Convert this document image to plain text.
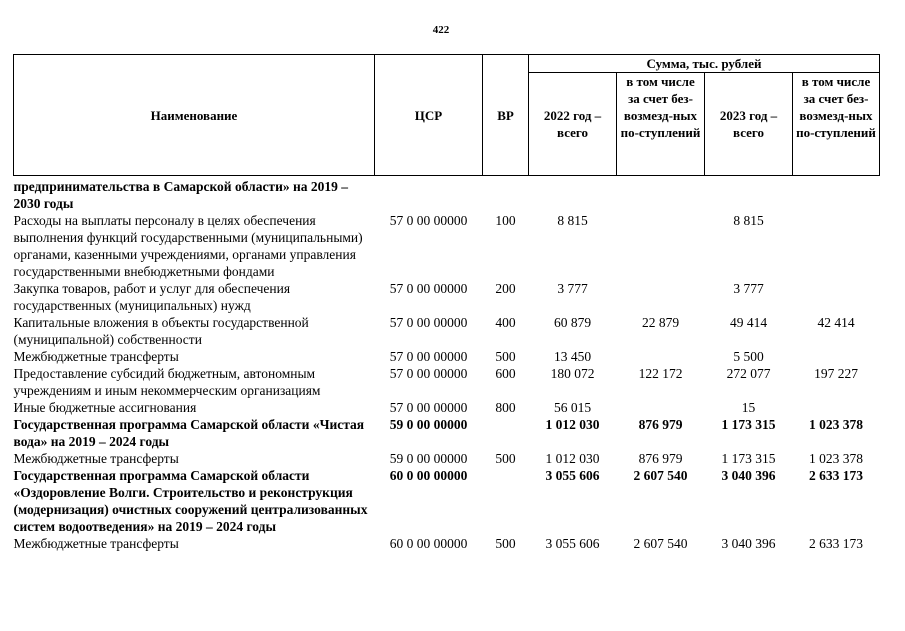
422
Наименование	ЦСР	ВР	Сумма, тыс. рублей			
			2022 год – всего	в том числе за счет без-возмезд-ных по-ступлений	2023 год – всего	в том числе за счет без-возмезд-ных по-ступлений
предпринимательства в Самарской области» на 2019 – 2030 годы						
Расходы на выплаты персоналу в целях обеспечения выполнения функций государственными (муниципальными) органами, казенными учреждениями, органами управления государственными внебюджетными фондами	57 0 00 00000	100	8 815		8 815	
Закупка товаров, работ и услуг для обеспечения государственных (муниципальных) нужд	57 0 00 00000	200	3 777		3 777	
Капитальные вложения в объекты государственной (муниципальной) собственности	57 0 00 00000	400	60 879	22 879	49 414	42 414
Межбюджетные трансферты	57 0 00 00000	500	13 450		5 500	
Предоставление субсидий бюджетным, автономным учреждениям и иным некоммерческим организациям	57 0 00 00000	600	180 072	122 172	272 077	197 227
Иные бюджетные ассигнования	57 0 00 00000	800	56 015		15	
Государственная программа Самарской области «Чистая вода» на 2019 – 2024 годы	59 0 00 00000		1 012 030	876 979	1 173 315	1 023 378
Межбюджетные трансферты	59 0 00 00000	500	1 012 030	876 979	1 173 315	1 023 378
Государственная программа Самарской области «Оздоровление Волги. Строительство и реконструкция (модернизация) очистных сооружений централизованных систем водоотведения» на 2019 – 2024 годы	60 0 00 00000		3 055 606	2 607 540	3 040 396	2 633 173
Межбюджетные трансферты	60 0 00 00000	500	3 055 606	2 607 540	3 040 396	2 633 173
